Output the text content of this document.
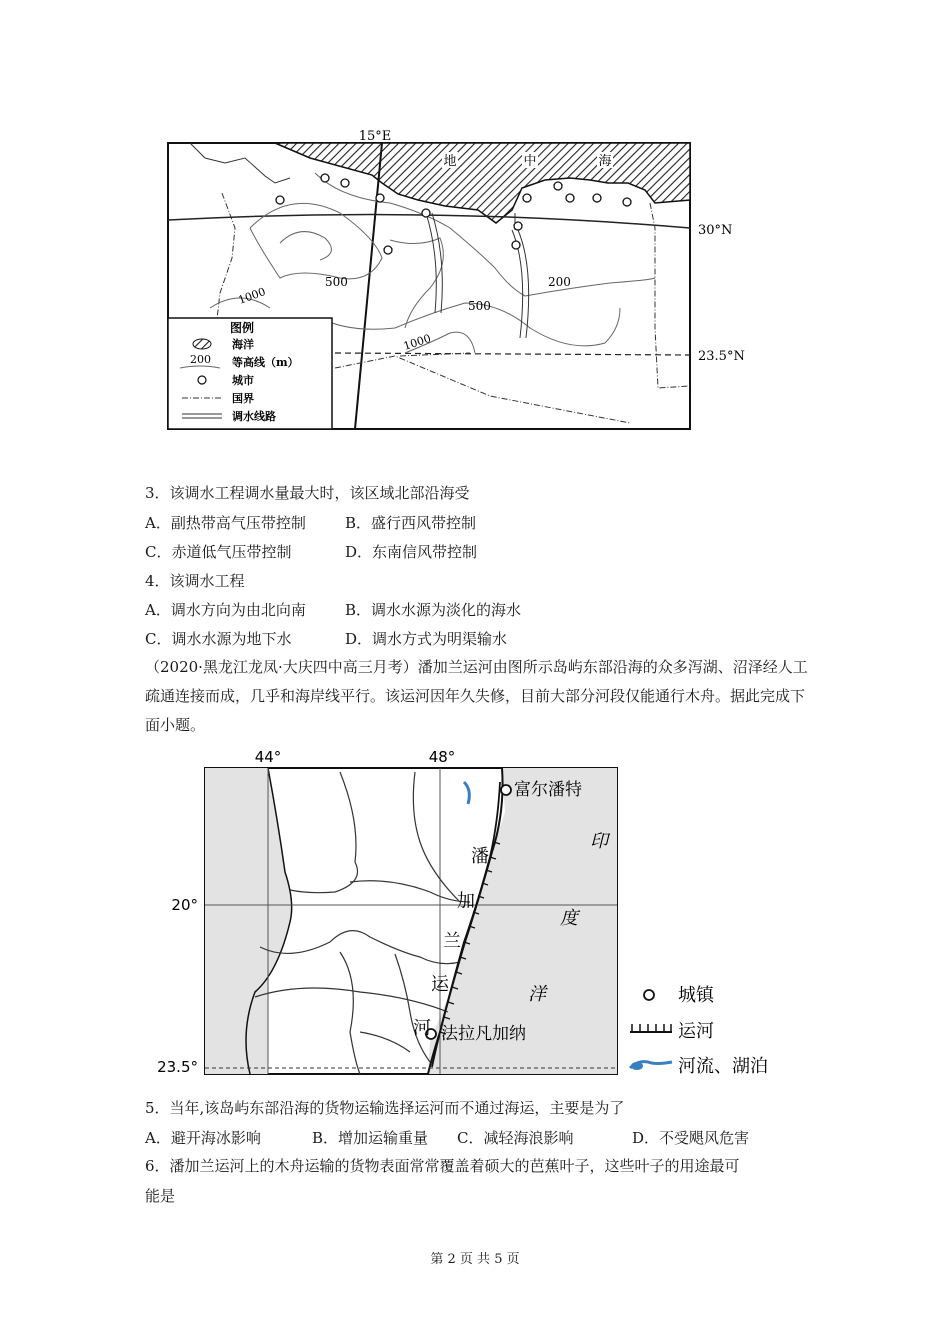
地	中	海
15°E
30°N
23.5°N
1000
500	200
500
1000
图例
海洋
200 等高线（m）
城市
国界
调水线路
3．该调水工程调水量最大时，该区域北部沿海受
A．副热带高气压带控制	B．盛行西风带控制
C．赤道低气压带控制	D．东南信风带控制
4．该调水工程
A．调水方向为由北向南	B．调水水源为淡化的海水
C．调水水源为地下水	D．调水方式为明渠输水
（2020·黑龙江龙凤·大庆四中高三月考）潘加兰运河由图所示岛屿东部沿海的众多泻湖、沼泽经人工疏通连接而成，几乎和海岸线平行。该运河因年久失修，目前大部分河段仅能通行木舟。据此完成下面小题。
44°	48°
20°
23.5°
富尔潘特
法拉凡加纳
潘
加
兰
运
河
印
度
洋	城镇
运河
河流、湖泊
5．当年,该岛屿东部沿海的货物运输选择运河而不通过海运，主要是为了
A．避开海冰影响	B．增加运输重量 C．减轻海浪影响	D．不受飓风危害
6．潘加兰运河上的木舟运输的货物表面常常覆盖着硕大的芭蕉叶子，这些叶子的用途最可
能是
第 2 页 共 5 页
